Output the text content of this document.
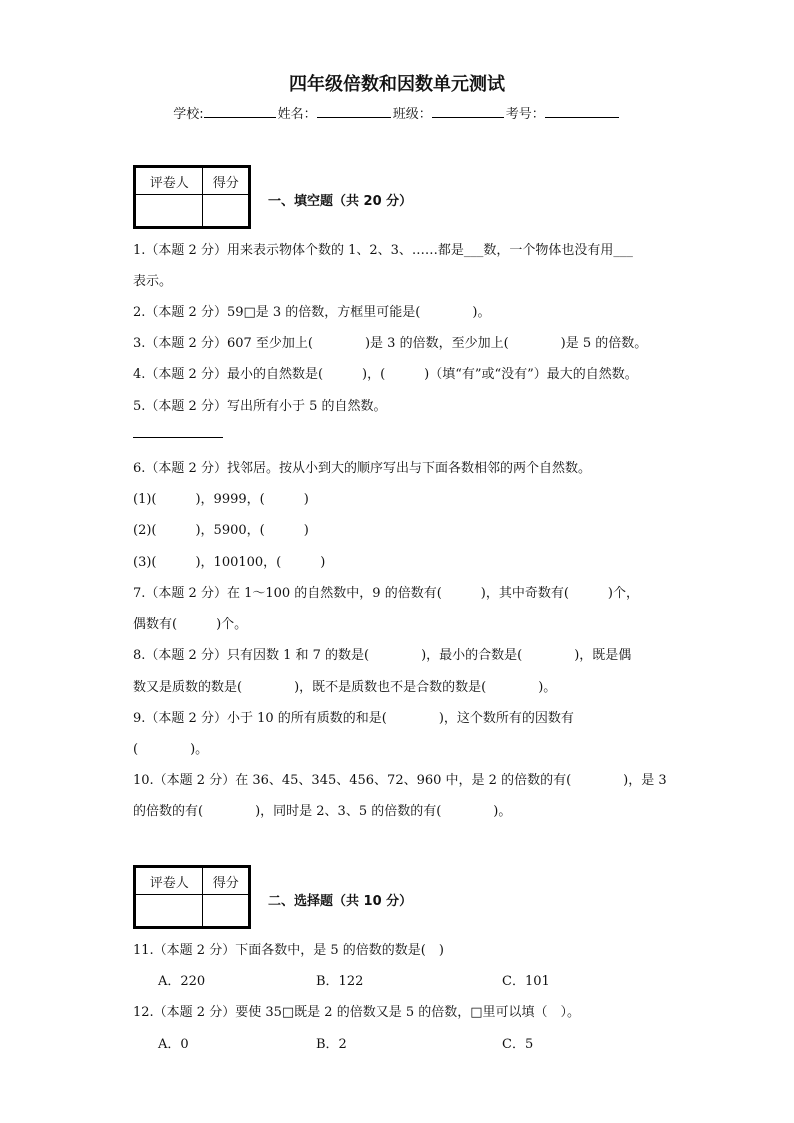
四年级倍数和因数单元测试
学校:	姓名：	班级：	考号：
评卷人	得分

一、填空题（共 20 分）
1.（本题 2 分）用来表示物体个数的 1、2、3、……都是___数，一个物体也没有用___
表示。
2.（本题 2 分）59□是 3 的倍数，方框里可能是(　　　　)。
3.（本题 2 分）607 至少加上(　　　　)是 3 的倍数，至少加上(　　　　)是 5 的倍数。
4.（本题 2 分）最小的自然数是(　　　)，(　　　)（填“有”或“没有”）最大的自然数。
5.（本题 2 分）写出所有小于 5 的自然数。
6.（本题 2 分）找邻居。按从小到大的顺序写出与下面各数相邻的两个自然数。
(1)(　　　)，9999，(　　　)
(2)(　　　)，5900，(　　　)
(3)(　　　)，100100，(　　　)
7.（本题 2 分）在 1～100 的自然数中，9 的倍数有(　　　)，其中奇数有(　　　)个，
偶数有(　　　)个。
8.（本题 2 分）只有因数 1 和 7 的数是(　　　　)，最小的合数是(　　　　)，既是偶
数又是质数的数是(　　　　)，既不是质数也不是合数的数是(　　　　)。
9.（本题 2 分）小于 10 的所有质数的和是(　　　　)，这个数所有的因数有
(　　　　)。
10.（本题 2 分）在 36、45、345、456、72、960 中，是 2 的倍数的有(　　　　)，是 3
的倍数的有(　　　　)，同时是 2、3、5 的倍数的有(　　　　)。
评卷人	得分

二、选择题（共 10 分）
11.（本题 2 分）下面各数中，是 5 的倍数的数是(　)
A．220	B．122	C．101
12.（本题 2 分）要使 35□既是 2 的倍数又是 5 的倍数，□里可以填（　）。
A．0	B．2	C．5
